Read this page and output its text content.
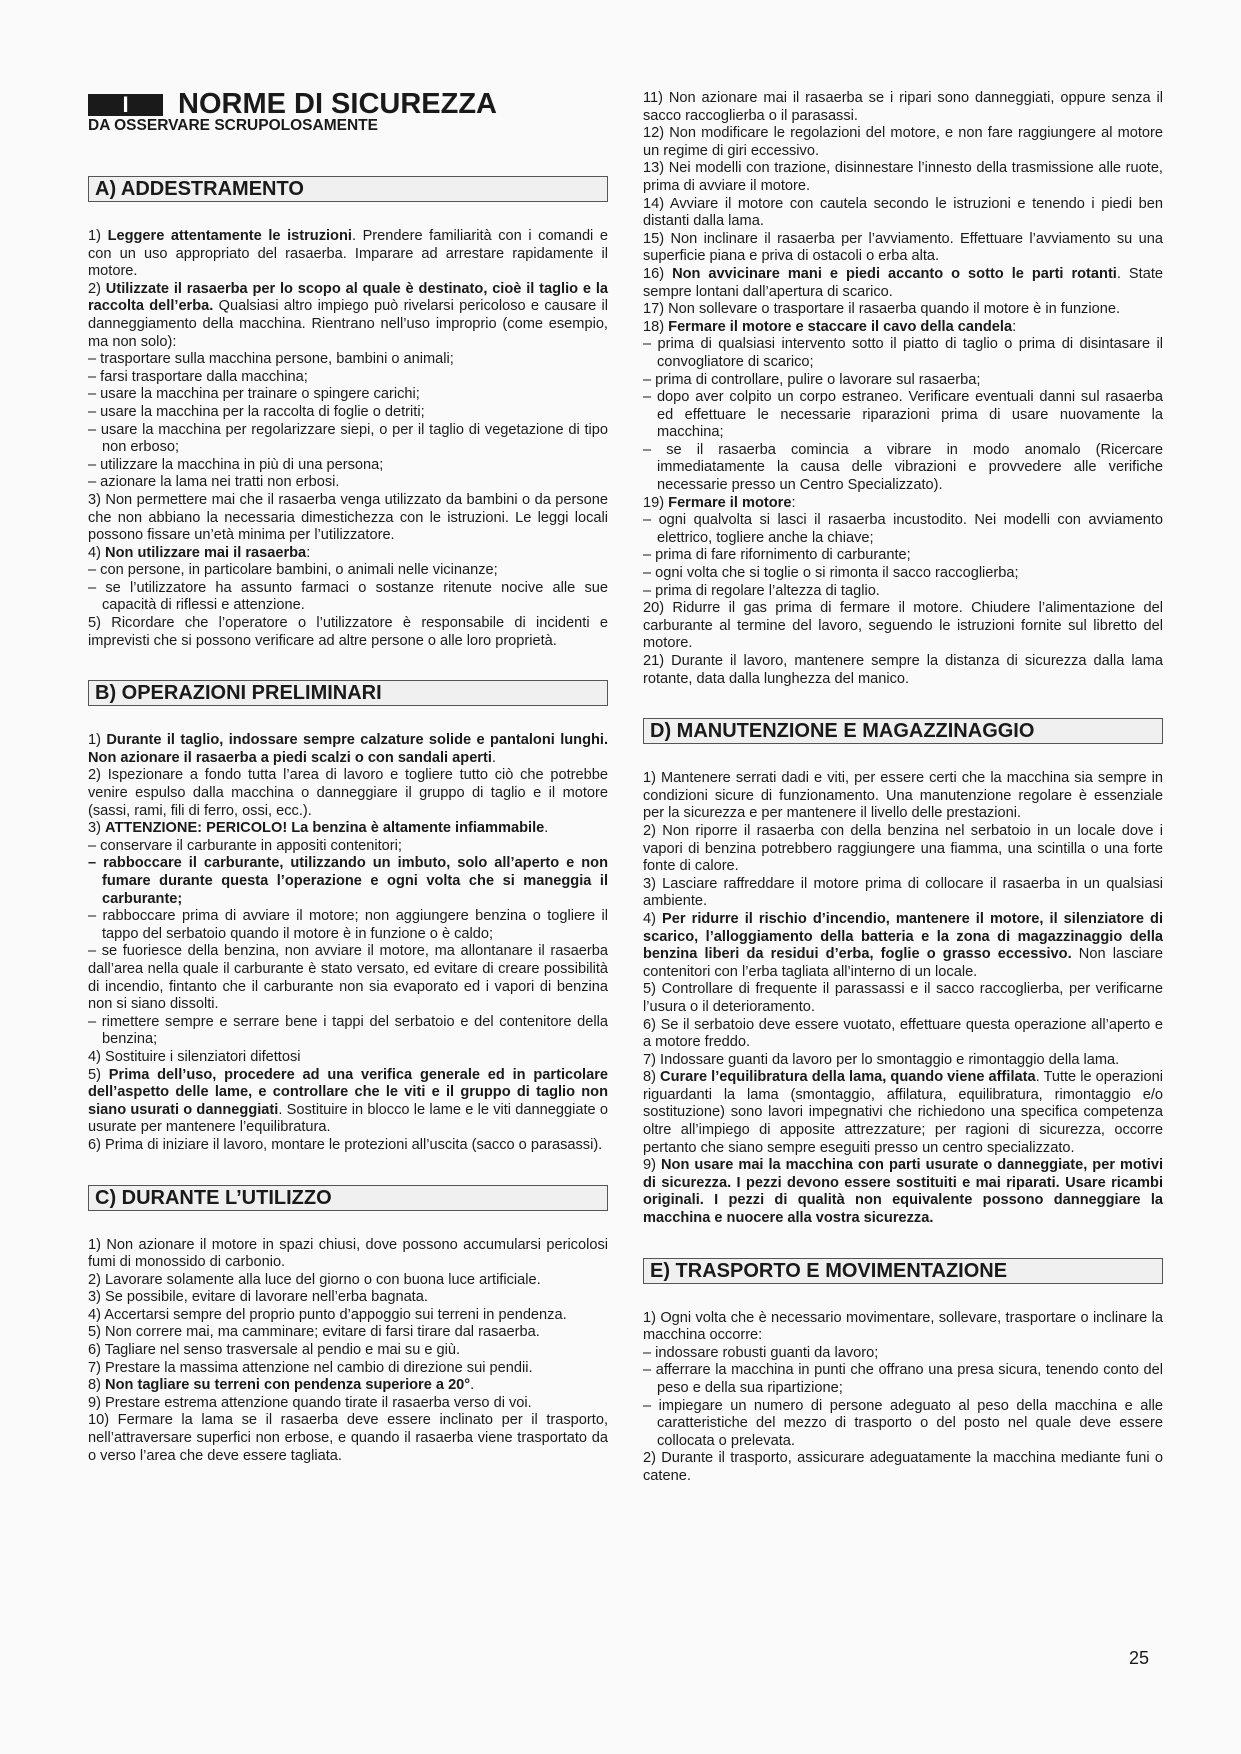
I	NORME DI SICUREZZA
DA OSSERVARE SCRUPOLOSAMENTE
A) ADDESTRAMENTO

1) Leggere attentamente le istruzioni. Prendere familiarità con i comandi e con un uso appropriato del rasaerba. Imparare ad arrestare rapidamente il motore.

2) Utilizzate il rasaerba per lo scopo al quale è destinato, cioè il taglio e la raccolta dell’erba. Qualsiasi altro impiego può rivelarsi pericoloso e causare il danneggiamento della macchina. Rientrano nell’uso improprio (come esempio, ma non solo):

– trasportare sulla macchina persone, bambini o animali;

– farsi trasportare dalla macchina;

– usare la macchina per trainare o spingere carichi;

– usare la macchina per la raccolta di foglie o detriti;

– usare la macchina per regolarizzare siepi, o per il taglio di vegetazione di tipo non erboso;

– utilizzare la macchina in più di una persona;

– azionare la lama nei tratti non erbosi.

3) Non permettere mai che il rasaerba venga utilizzato da bambini o da persone che non abbiano la necessaria dimestichezza con le istruzioni. Le leggi locali possono fissare un’età minima per l’utilizzatore.

4) Non utilizzare mai il rasaerba:

– con persone, in particolare bambini, o animali nelle vicinanze;

– se l’utilizzatore ha assunto farmaci o sostanze ritenute nocive alle sue capacità di riflessi e attenzione.

5) Ricordare che l’operatore o l’utilizzatore è responsabile di incidenti e imprevisti che si possono verificare ad altre persone o alle loro proprietà.

B) OPERAZIONI PRELIMINARI

1) Durante il taglio, indossare sempre calzature solide e pantaloni lunghi. Non azionare il rasaerba a piedi scalzi o con sandali aperti.

2) Ispezionare a fondo tutta l’area di lavoro e togliere tutto ciò che potrebbe venire espulso dalla macchina o danneggiare il gruppo di taglio e il motore (sassi, rami, fili di ferro, ossi, ecc.).

3) ATTENZIONE: PERICOLO! La benzina è altamente infiammabile.

– conservare il carburante in appositi contenitori;

– rabboccare il carburante, utilizzando un imbuto, solo all’aperto e non fumare durante questa l’operazione e ogni volta che si maneggia il carburante;

– rabboccare prima di avviare il motore; non aggiungere benzina o togliere il tappo del serbatoio quando il motore è in funzione o è caldo;

– se fuoriesce della benzina, non avviare il motore, ma allontanare il rasaerba dall’area nella quale il carburante è stato versato, ed evitare di creare possibilità di incendio, fintanto che il carburante non sia evaporato ed i vapori di benzina non si siano dissolti.

– rimettere sempre e serrare bene i tappi del serbatoio e del contenitore della benzina;

4) Sostituire i silenziatori difettosi

5) Prima dell’uso, procedere ad una verifica generale ed in particolare dell’aspetto delle lame, e controllare che le viti e il gruppo di taglio non siano usurati o danneggiati. Sostituire in blocco le lame e le viti danneggiate o usurate per mantenere l’equilibratura.

6) Prima di iniziare il lavoro, montare le protezioni all’uscita (sacco o parasassi).

C) DURANTE L’UTILIZZO

1) Non azionare il motore in spazi chiusi, dove possono accumularsi pericolosi fumi di monossido di carbonio.

2) Lavorare solamente alla luce del giorno o con buona luce artificiale.

3) Se possibile, evitare di lavorare nell’erba bagnata.

4) Accertarsi sempre del proprio punto d’appoggio sui terreni in pendenza.

5) Non correre mai, ma camminare; evitare di farsi tirare dal rasaerba.

6) Tagliare nel senso trasversale al pendio e mai su e giù.

7) Prestare la massima attenzione nel cambio di direzione sui pendii.

8) Non tagliare su terreni con pendenza superiore a 20°.

9) Prestare estrema attenzione quando tirate il rasaerba verso di voi.

10) Fermare la lama se il rasaerba deve essere inclinato per il trasporto, nell’attraversare superfici non erbose, e quando il rasaerba viene trasportato da o verso l’area che deve essere tagliata.

11) Non azionare mai il rasaerba se i ripari sono danneggiati, oppure senza il sacco raccoglierba o il parasassi.

12) Non modificare le regolazioni del motore, e non fare raggiungere al motore un regime di giri eccessivo.

13) Nei modelli con trazione, disinnestare l’innesto della trasmissione alle ruote, prima di avviare il motore.

14) Avviare il motore con cautela secondo le istruzioni e tenendo i piedi ben distanti dalla lama.

15) Non inclinare il rasaerba per l’avviamento. Effettuare l’avviamento su una superficie piana e priva di ostacoli o erba alta.

16) Non avvicinare mani e piedi accanto o sotto le parti rotanti. State sempre lontani dall’apertura di scarico.

17) Non sollevare o trasportare il rasaerba quando il motore è in funzione.

18) Fermare il motore e staccare il cavo della candela:

– prima di qualsiasi intervento sotto il piatto di taglio o prima di disintasare il convogliatore di scarico;

– prima di controllare, pulire o lavorare sul rasaerba;

– dopo aver colpito un corpo estraneo. Verificare eventuali danni sul rasaerba ed effettuare le necessarie riparazioni prima di usare nuovamente la macchina;

– se il rasaerba comincia a vibrare in modo anomalo (Ricercare immediatamente la causa delle vibrazioni e provvedere alle verifiche necessarie presso un Centro Specializzato).

19) Fermare il motore:

– ogni qualvolta si lasci il rasaerba incustodito. Nei modelli con avviamento elettrico, togliere anche la chiave;

– prima di fare rifornimento di carburante;

– ogni volta che si toglie o si rimonta il sacco raccoglierba;

– prima di regolare l’altezza di taglio.

20) Ridurre il gas prima di fermare il motore. Chiudere l’alimentazione del carburante al termine del lavoro, seguendo le istruzioni fornite sul libretto del motore.

21) Durante il lavoro, mantenere sempre la distanza di sicurezza dalla lama rotante, data dalla lunghezza del manico.

D) MANUTENZIONE E MAGAZZINAGGIO

1) Mantenere serrati dadi e viti, per essere certi che la macchina sia sempre in condizioni sicure di funzionamento. Una manutenzione regolare è essenziale per la sicurezza e per mantenere il livello delle prestazioni.

2) Non riporre il rasaerba con della benzina nel serbatoio in un locale dove i vapori di benzina potrebbero raggiungere una fiamma, una scintilla o una forte fonte di calore.

3) Lasciare raffreddare il motore prima di collocare il rasaerba in un qualsiasi ambiente.

4) Per ridurre il rischio d’incendio, mantenere il motore, il silenziatore di scarico, l’alloggiamento della batteria e la zona di magazzinaggio della benzina liberi da residui d’erba, foglie o grasso eccessivo. Non lasciare contenitori con l’erba tagliata all’interno di un locale.

5) Controllare di frequente il parassassi e il sacco raccoglierba, per verificarne l’usura o il deterioramento.

6) Se il serbatoio deve essere vuotato, effettuare questa operazione all’aperto e a motore freddo.

7) Indossare guanti da lavoro per lo smontaggio e rimontaggio della lama.

8) Curare l’equilibratura della lama, quando viene affilata. Tutte le operazioni riguardanti la lama (smontaggio, affilatura, equilibratura, rimontaggio e/o sostituzione) sono lavori impegnativi che richiedono una specifica competenza oltre all’impiego di apposite attrezzature; per ragioni di sicurezza, occorre pertanto che siano sempre eseguiti presso un centro specializzato.

9) Non usare mai la macchina con parti usurate o danneggiate, per motivi di sicurezza. I pezzi devono essere sostituiti e mai riparati. Usare ricambi originali. I pezzi di qualità non equivalente possono danneggiare la macchina e nuocere alla vostra sicurezza.

E) TRASPORTO E MOVIMENTAZIONE

1) Ogni volta che è necessario movimentare, sollevare, trasportare o inclinare la macchina occorre:

– indossare robusti guanti da lavoro;

– afferrare la macchina in punti che offrano una presa sicura, tenendo conto del peso e della sua ripartizione;

– impiegare un numero di persone adeguato al peso della macchina e alle caratteristiche del mezzo di trasporto o del posto nel quale deve essere collocata o prelevata.

2) Durante il trasporto, assicurare adeguatamente la macchina mediante funi o catene.

25
